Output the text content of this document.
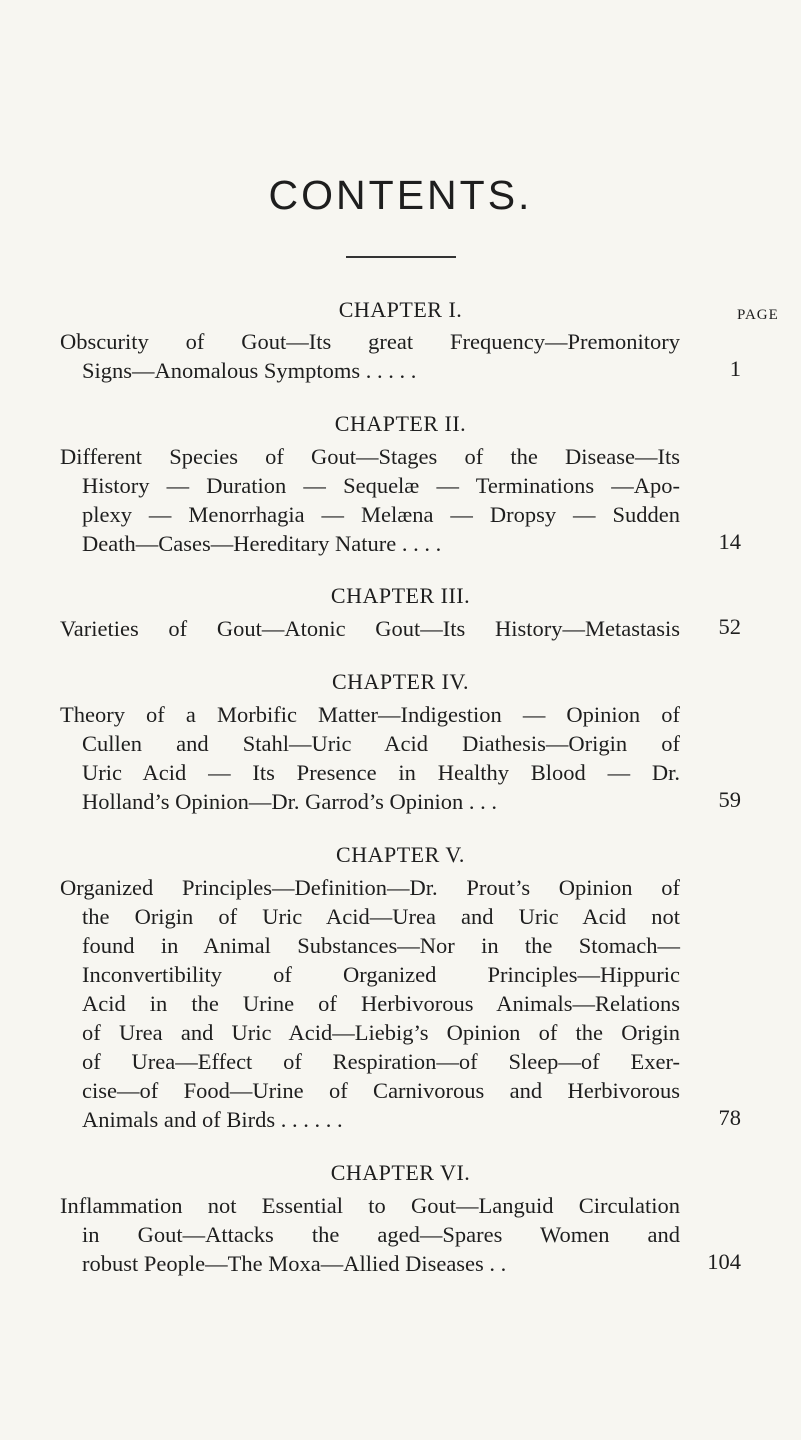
CONTENTS.
PAGE
CHAPTER I.
Obscurity of Gout—Its great Frequency—Premonitory
Signs—Anomalous Symptoms . . . . .	1
CHAPTER II.
Different Species of Gout—Stages of the Disease—Its
History — Duration — Sequelæ — Terminations —Apo-
plexy — Menorrhagia — Melæna — Dropsy — Sudden
Death—Cases—Hereditary Nature . . . .	14
CHAPTER III.
Varieties of Gout—Atonic Gout—Its History—Metastasis	52
CHAPTER IV.
Theory of a Morbific Matter—Indigestion — Opinion of
Cullen and Stahl—Uric Acid Diathesis—Origin of
Uric Acid — Its Presence in Healthy Blood — Dr.
Holland’s Opinion—Dr. Garrod’s Opinion . . .	59
CHAPTER V.
Organized Principles—Definition—Dr. Prout’s Opinion of
the Origin of Uric Acid—Urea and Uric Acid not
found in Animal Substances—Nor in the Stomach—
Inconvertibility of Organized Principles—Hippuric
Acid in the Urine of Herbivorous Animals—Relations
of Urea and Uric Acid—Liebig’s Opinion of the Origin
of Urea—Effect of Respiration—of Sleep—of Exer-
cise—of Food—Urine of Carnivorous and Herbivorous
Animals and of Birds . . . . . .	78
CHAPTER VI.
Inflammation not Essential to Gout—Languid Circulation
in Gout—Attacks the aged—Spares Women and
robust People—The Moxa—Allied Diseases . .	104
